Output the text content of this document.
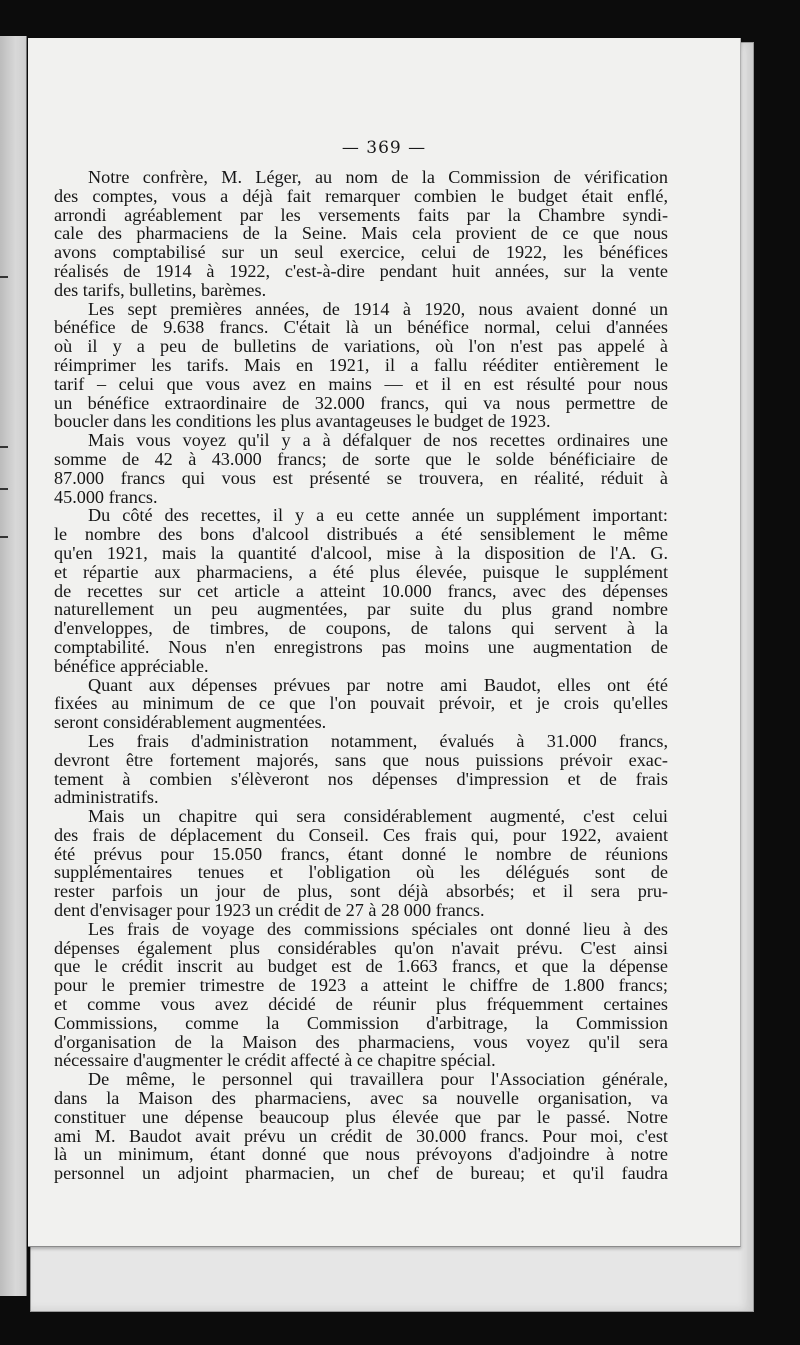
— 369 —
Notre confrère, M. Léger, au nom de la Commission de vérification
des comptes, vous a déjà fait remarquer combien le budget était enflé,
arrondi agréablement par les versements faits par la Chambre syndi-
cale des pharmaciens de la Seine. Mais cela provient de ce que nous
avons comptabilisé sur un seul exercice, celui de 1922, les bénéfices
réalisés de 1914 à 1922, c'est-à-dire pendant huit années, sur la vente
des tarifs, bulletins, barèmes.
Les sept premières années, de 1914 à 1920, nous avaient donné un
bénéfice de 9.638 francs. C'était là un bénéfice normal, celui d'années
où il y a peu de bulletins de variations, où l'on n'est pas appelé à
réimprimer les tarifs. Mais en 1921, il a fallu rééditer entièrement le
tarif – celui que vous avez en mains — et il en est résulté pour nous
un bénéfice extraordinaire de 32.000 francs, qui va nous permettre de
boucler dans les conditions les plus avantageuses le budget de 1923.
Mais vous voyez qu'il y a à défalquer de nos recettes ordinaires une
somme de 42 à 43.000 francs; de sorte que le solde bénéficiaire de
87.000 francs qui vous est présenté se trouvera, en réalité, réduit à
45.000 francs.
Du côté des recettes, il y a eu cette année un supplément important:
le nombre des bons d'alcool distribués a été sensiblement le même
qu'en 1921, mais la quantité d'alcool, mise à la disposition de l'A. G.
et répartie aux pharmaciens, a été plus élevée, puisque le supplément
de recettes sur cet article a atteint 10.000 francs, avec des dépenses
naturellement un peu augmentées, par suite du plus grand nombre
d'enveloppes, de timbres, de coupons, de talons qui servent à la
comptabilité. Nous n'en enregistrons pas moins une augmentation de
bénéfice appréciable.
Quant aux dépenses prévues par notre ami Baudot, elles ont été
fixées au minimum de ce que l'on pouvait prévoir, et je crois qu'elles
seront considérablement augmentées.
Les frais d'administration notamment, évalués à 31.000 francs,
devront être fortement majorés, sans que nous puissions prévoir exac-
tement à combien s'élèveront nos dépenses d'impression et de frais
administratifs.
Mais un chapitre qui sera considérablement augmenté, c'est celui
des frais de déplacement du Conseil. Ces frais qui, pour 1922, avaient
été prévus pour 15.050 francs, étant donné le nombre de réunions
supplémentaires tenues et l'obligation où les délégués sont de
rester parfois un jour de plus, sont déjà absorbés; et il sera pru-
dent d'envisager pour 1923 un crédit de 27 à 28 000 francs.
Les frais de voyage des commissions spéciales ont donné lieu à des
dépenses également plus considérables qu'on n'avait prévu. C'est ainsi
que le crédit inscrit au budget est de 1.663 francs, et que la dépense
pour le premier trimestre de 1923 a atteint le chiffre de 1.800 francs;
et comme vous avez décidé de réunir plus fréquemment certaines
Commissions, comme la Commission d'arbitrage, la Commission
d'organisation de la Maison des pharmaciens, vous voyez qu'il sera
nécessaire d'augmenter le crédit affecté à ce chapitre spécial.
De même, le personnel qui travaillera pour l'Association générale,
dans la Maison des pharmaciens, avec sa nouvelle organisation, va
constituer une dépense beaucoup plus élevée que par le passé. Notre
ami M. Baudot avait prévu un crédit de 30.000 francs. Pour moi, c'est
là un minimum, étant donné que nous prévoyons d'adjoindre à notre
personnel un adjoint pharmacien, un chef de bureau; et qu'il faudra
